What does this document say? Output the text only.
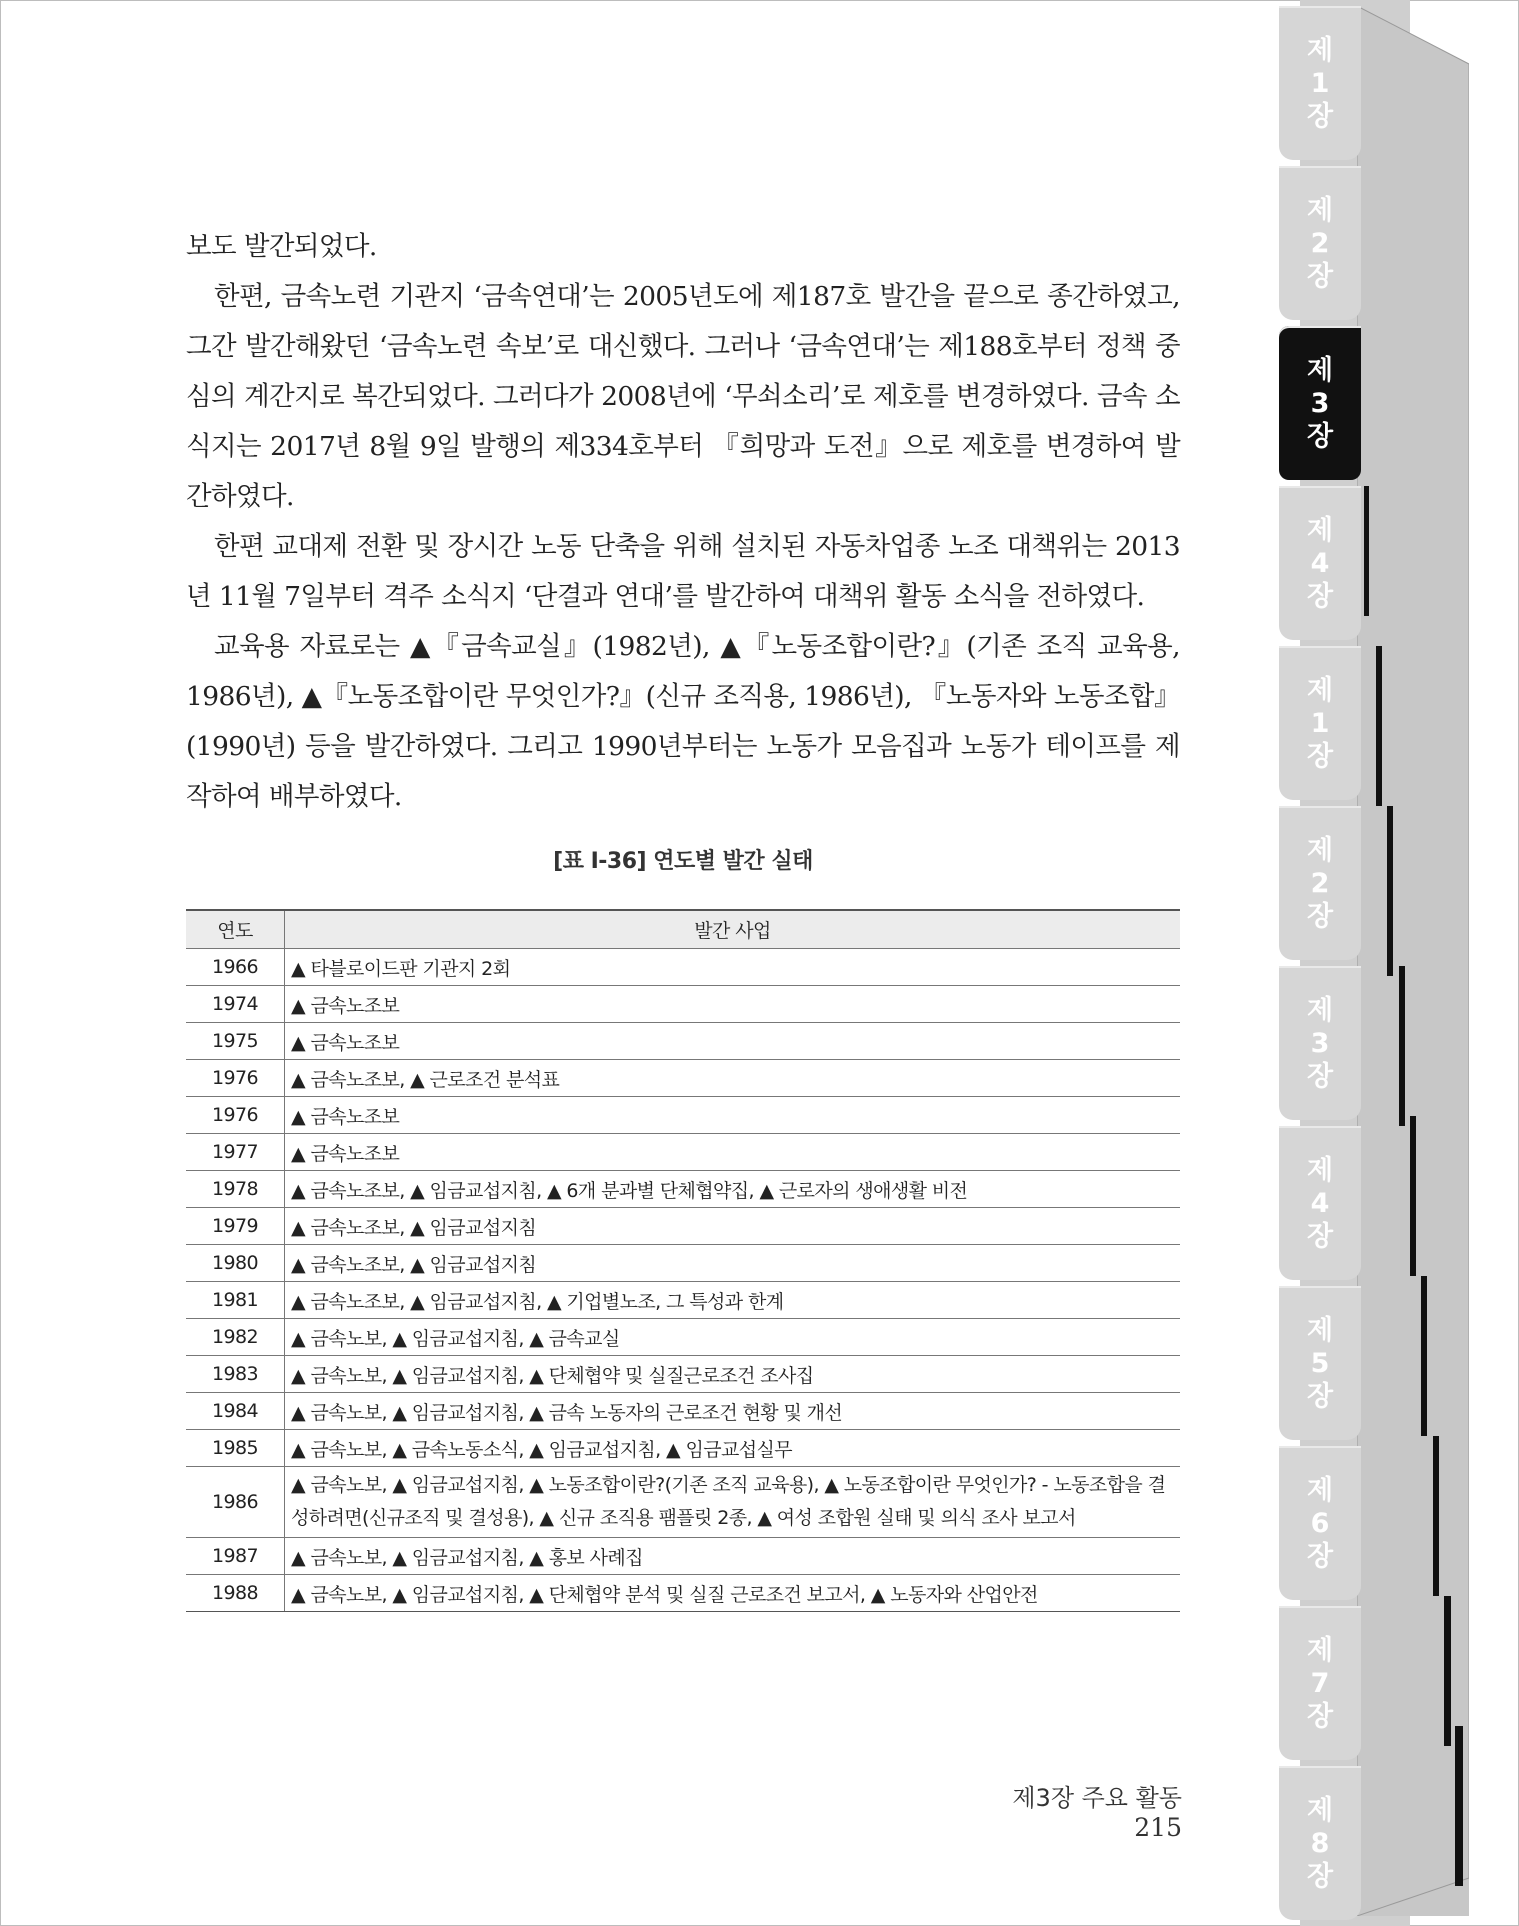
제1장
제2장
제3장
제4장
제1장
제2장
제3장
제4장
제5장
제6장
제7장
제8장

보도 발간되었다.

한편, 금속노련 기관지 ‘금속연대’는 2005년도에 제187호 발간을 끝으로 종간하였고, 그간 발간해왔던 ‘금속노련 속보’로 대신했다. 그러나 ‘금속연대’는 제188호부터 정책 중심의 계간지로 복간되었다. 그러다가 2008년에 ‘무쇠소리’로 제호를 변경하였다. 금속 소식지는 2017년 8월 9일 발행의 제334호부터 『희망과 도전』으로 제호를 변경하여 발간하였다.

한편 교대제 전환 및 장시간 노동 단축을 위해 설치된 자동차업종 노조 대책위는 2013년 11월 7일부터 격주 소식지 ‘단결과 연대’를 발간하여 대책위 활동 소식을 전하였다.

교육용 자료로는 ▲『금속교실』(1982년), ▲『노동조합이란?』(기존 조직 교육용, 1986년), ▲『노동조합이란 무엇인가?』(신규 조직용, 1986년), 『노동자와 노동조합』(1990년) 등을 발간하였다. 그리고 1990년부터는 노동가 모음집과 노동가 테이프를 제작하여 배부하였다.

[표 Ⅰ-36] 연도별 발간 실태
연도	발간 사업
1966	▲ 타블로이드판 기관지 2회
1974	▲ 금속노조보
1975	▲ 금속노조보
1976	▲ 금속노조보, ▲ 근로조건 분석표
1976	▲ 금속노조보
1977	▲ 금속노조보
1978	▲ 금속노조보, ▲ 임금교섭지침, ▲ 6개 분과별 단체협약집, ▲ 근로자의 생애생활 비전
1979	▲ 금속노조보, ▲ 임금교섭지침
1980	▲ 금속노조보, ▲ 임금교섭지침
1981	▲ 금속노조보, ▲ 임금교섭지침, ▲ 기업별노조, 그 특성과 한계
1982	▲ 금속노보, ▲ 임금교섭지침, ▲ 금속교실
1983	▲ 금속노보, ▲ 임금교섭지침, ▲ 단체협약 및 실질근로조건 조사집
1984	▲ 금속노보, ▲ 임금교섭지침, ▲ 금속 노동자의 근로조건 현황 및 개선
1985	▲ 금속노보, ▲ 금속노동소식, ▲ 임금교섭지침, ▲ 임금교섭실무
1986	▲ 금속노보, ▲ 임금교섭지침, ▲ 노동조합이란?(기존 조직 교육용), ▲ 노동조합이란 무엇인가? - 노동조합을 결성하려면(신규조직 및 결성용), ▲ 신규 조직용 팸플릿 2종, ▲ 여성 조합원 실태 및 의식 조사 보고서
1987	▲ 금속노보, ▲ 임금교섭지침, ▲ 홍보 사례집
1988	▲ 금속노보, ▲ 임금교섭지침, ▲ 단체협약 분석 및 실질 근로조건 보고서, ▲ 노동자와 산업안전
제3장 주요 활동215
